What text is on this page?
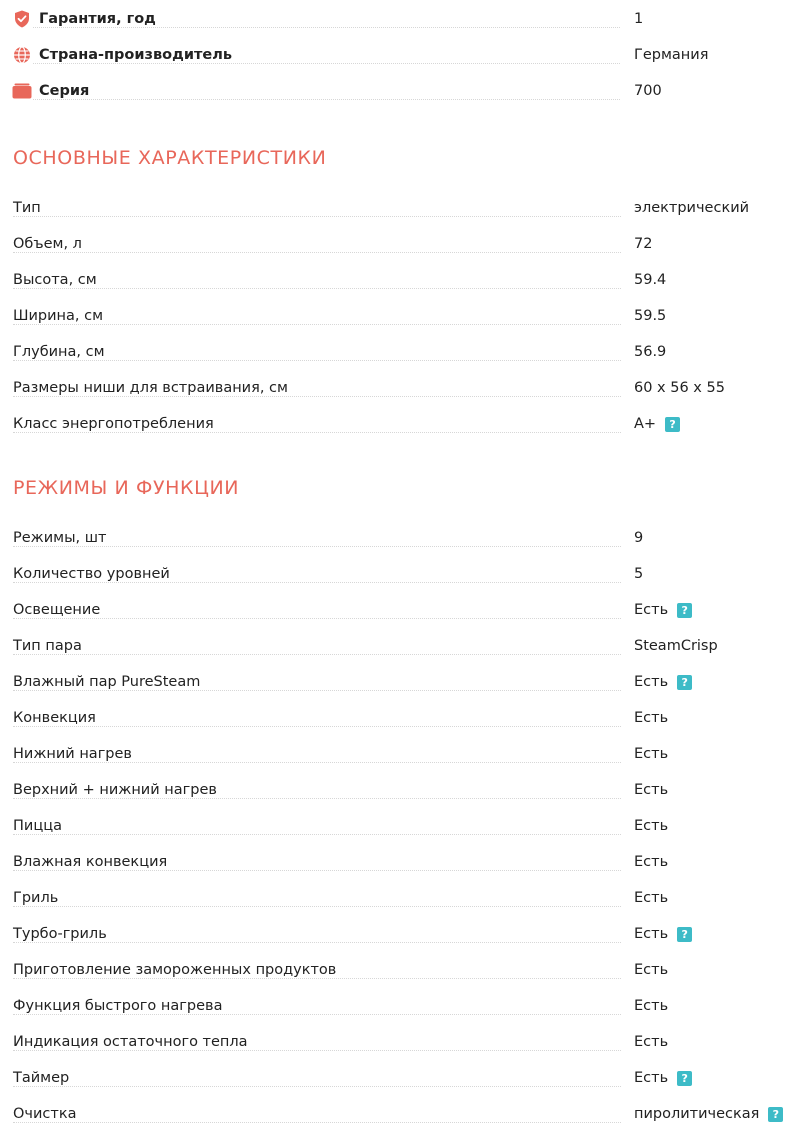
Гарантия, год	1
Страна-производитель	Германия
Серия	700
ОСНОВНЫЕ ХАРАКТЕРИСТИКИ
Тип	электрический
Объем, л	72
Высота, см	59.4
Ширина, см	59.5
Глубина, см	56.9
Размеры ниши для встраивания, см	60 х 56 х 55
Класс энергопотребления	А+	?
РЕЖИМЫ И ФУНКЦИИ
Режимы, шт	9
Количество уровней	5
Освещение	Есть	?
Тип пара	SteamCrisp
Влажный пар PureSteam	Есть	?
Конвекция	Есть
Нижний нагрев	Есть
Верхний + нижний нагрев	Есть
Пицца	Есть
Влажная конвекция	Есть
Гриль	Есть
Турбо-гриль	Есть	?
Приготовление замороженных продуктов	Есть
Функция быстрого нагрева	Есть
Индикация остаточного тепла	Есть
Таймер	Есть	?
Очистка	пиролитическая	?
